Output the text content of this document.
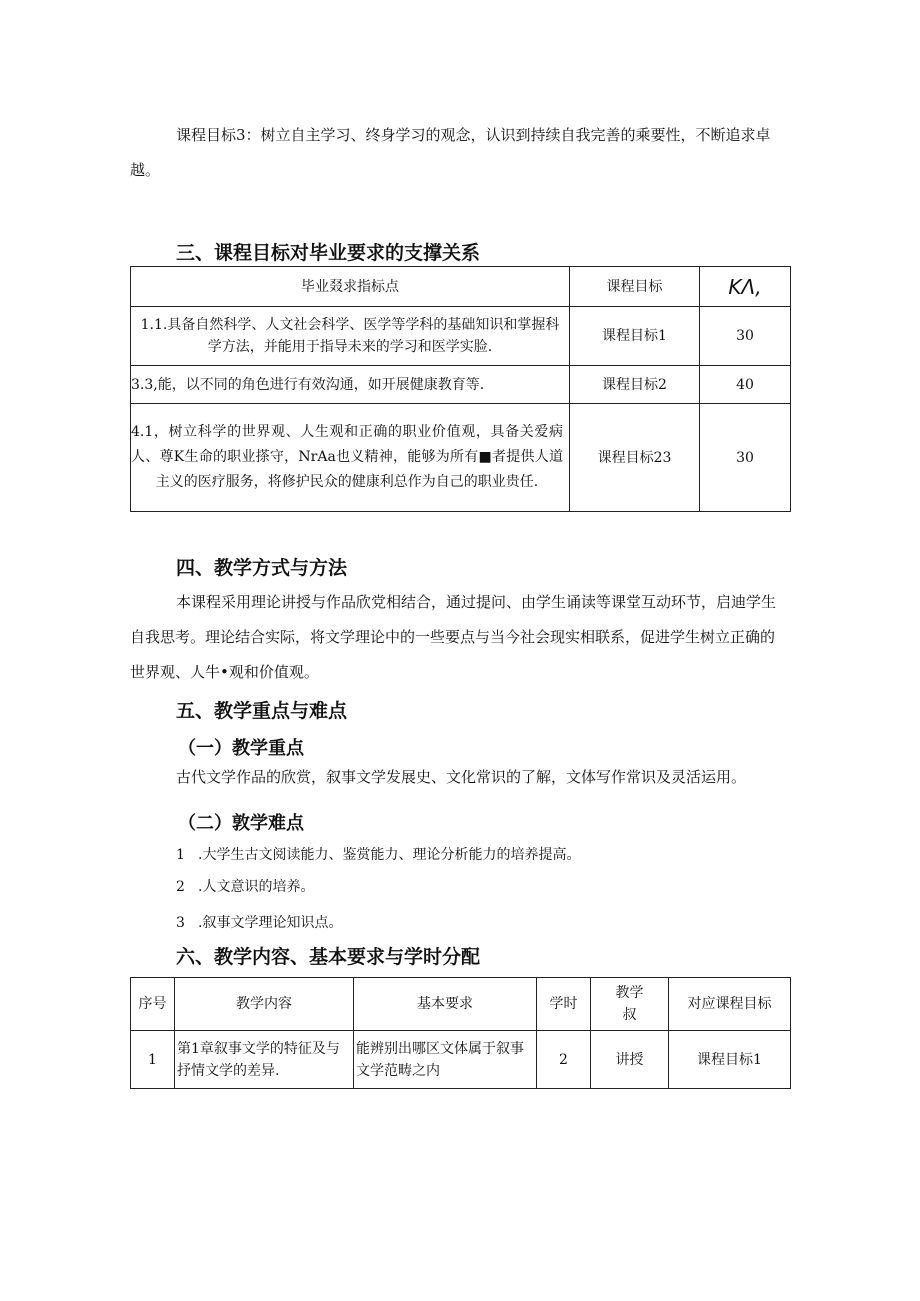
课程目标3：树立自主学习、终身学习的观念，认识到持续自我完善的乘要性，不断追求卓

越。

三、课程目标对毕业要求的支撑关系
毕业叕求指标点	课程目标	KΛ,
1.1.具备自然科学、人文社会科学、医学等学科的基础知识和掌握科学方法，并能用于指导未来的学习和医学实脸.	课程目标1	30
3.3,能，以不同的角色进行有效沟通，如开展健康教育等.	课程目标2	40

4.1，树立科学的世界观、人生观和正确的职业价值观，具备关爱病人、尊K生命的职业搽守，NrAa也义精神，能够为所有■者提供人道主义的医疗服务，将修护民众的健康利总作为自己的职业贵任.	课程目标23	30
四、教学方式与方法

本课程采用理论讲授与作品欣党相结合，通过提问、由学生诵读等课堂互动环节，启迪学生

自我思考。理论结合实际，将文学理论中的一些要点与当今社会现实相联系，促进学生树立正确的

世界观、人牛•观和价值观。

五、教学重点与难点
（一）教学重点

古代文学作品的欣赏，叙事文学发展史、文化常识的了解，文体写作常识及灵活运用。

（二）敦学难点
1 .大学生古文阅读能力、鉴赏能力、理论分析能力的培养提高。
2 .人文意识的培养。
3 .叙事文学理论知识点。
六、教学内容、基本要求与学时分配
序号	教学内容	基本要求	学时	教学叔	对应课程目标
1	第1章叙事文学的特征及与抒情文学的差异.	能辨别出哪区文体属于叙事文学范畴之内	2	讲授	课程目标1
